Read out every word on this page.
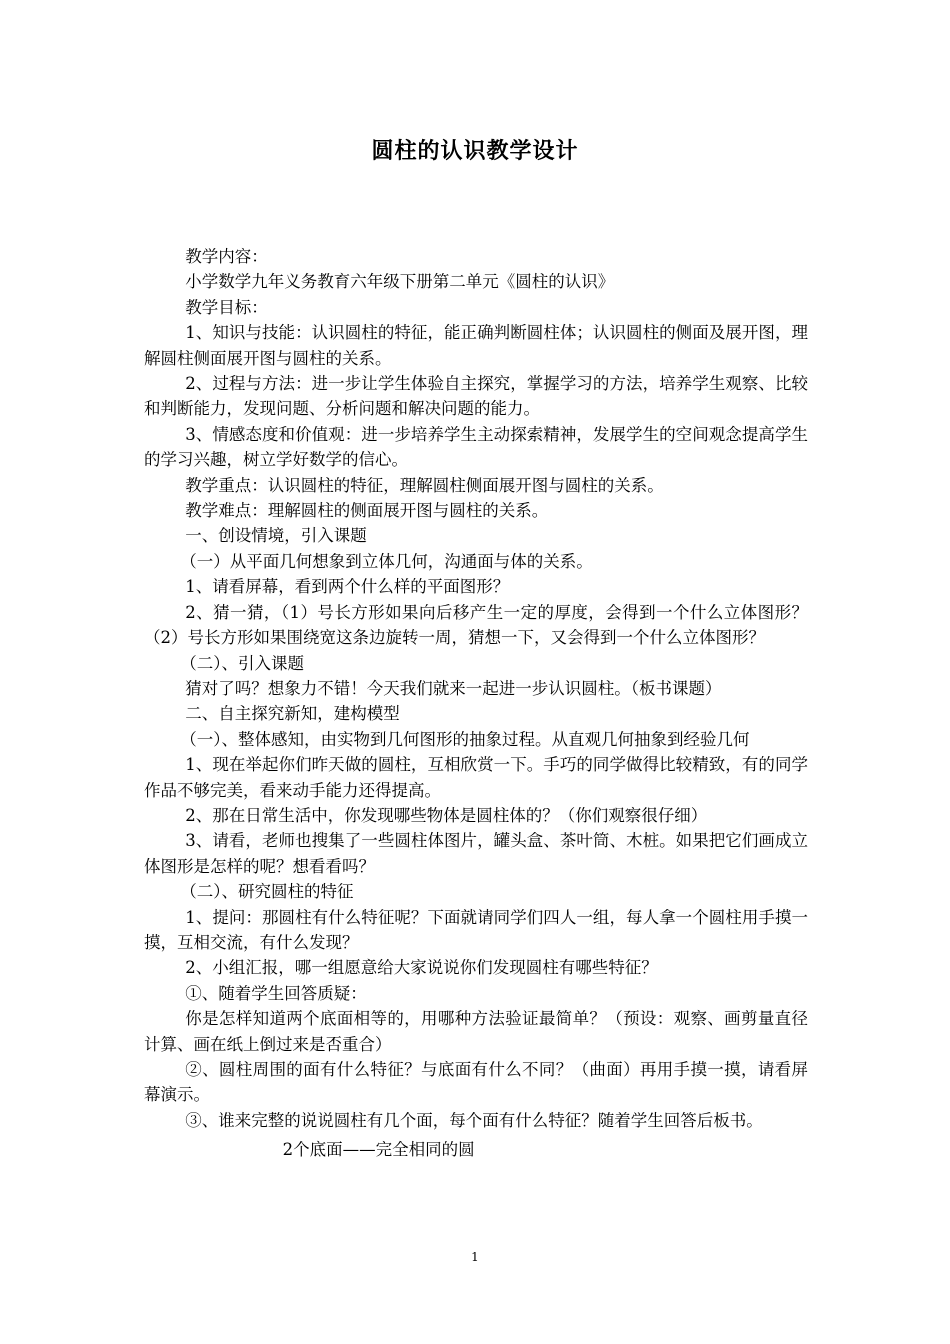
圆柱的认识教学设计

教学内容：

小学数学九年义务教育六年级下册第二单元《圆柱的认识》

教学目标：

1、知识与技能：认识圆柱的特征，能正确判断圆柱体；认识圆柱的侧面及展开图，理解圆柱侧面展开图与圆柱的关系。

2、过程与方法：进一步让学生体验自主探究，掌握学习的方法，培养学生观察、比较和判断能力，发现问题、分析问题和解决问题的能力。

3、情感态度和价值观：进一步培养学生主动探索精神，发展学生的空间观念提高学生的学习兴趣，树立学好数学的信心。

教学重点：认识圆柱的特征，理解圆柱侧面展开图与圆柱的关系。

教学难点：理解圆柱的侧面展开图与圆柱的关系。

一、创设情境，引入课题

（一）从平面几何想象到立体几何，沟通面与体的关系。

1、请看屏幕，看到两个什么样的平面图形？

2、猜一猜，（1）号长方形如果向后移产生一定的厚度，会得到一个什么立体图形？（2）号长方形如果围绕宽这条边旋转一周，猜想一下，又会得到一个什么立体图形？

（二）、引入课题

猜对了吗？想象力不错！今天我们就来一起进一步认识圆柱。（板书课题）

二、自主探究新知，建构模型

（一）、整体感知，由实物到几何图形的抽象过程。从直观几何抽象到经验几何

1、现在举起你们昨天做的圆柱，互相欣赏一下。手巧的同学做得比较精致，有的同学作品不够完美，看来动手能力还得提高。

2、那在日常生活中，你发现哪些物体是圆柱体的？（你们观察很仔细）

3、请看，老师也搜集了一些圆柱体图片，罐头盒、茶叶筒、木桩。如果把它们画成立体图形是怎样的呢？想看看吗？

（二）、研究圆柱的特征

1、提问：那圆柱有什么特征呢？下面就请同学们四人一组，每人拿一个圆柱用手摸一摸，互相交流，有什么发现？

2、小组汇报，哪一组愿意给大家说说你们发现圆柱有哪些特征？

①、随着学生回答质疑：

你是怎样知道两个底面相等的，用哪种方法验证最简单？（预设：观察、画剪量直径计算、画在纸上倒过来是否重合）

②、圆柱周围的面有什么特征？与底面有什么不同？（曲面）再用手摸一摸，请看屏幕演示。

③、谁来完整的说说圆柱有几个面，每个面有什么特征？随着学生回答后板书。

2个底面——完全相同的圆

1
